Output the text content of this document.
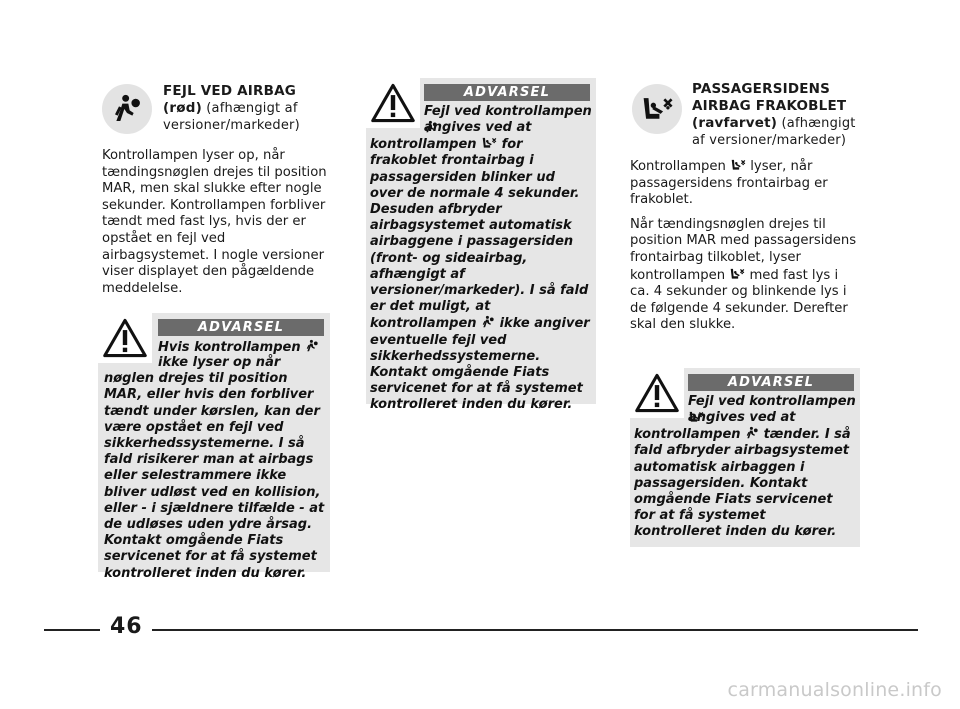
FEJL VED AIRBAG
(rød) (afhængigt af versioner/markeder)

Kontrollampen lyser op, når tændingsnøglen drejes til position MAR, men skal slukke efter nogle sekunder. Kontrollampen forbliver tændt med fast lys, hvis der er opstået en fejl ved airbagsystemet. I nogle versioner viser displayet den pågældende meddelelse.

ADVARSEL
Hvis kontrollampen
ikke lyser op når nøglen drejes til position MAR, eller hvis den forbliver tændt under kørslen, kan der være opstået en fejl ved sikkerhedssystemerne. I så fald risikerer man at airbags eller selestrammere ikke bliver udløst ved en kollision, eller - i sjældnere tilfælde - at de udløses uden ydre årsag. Kontakt omgående Fiats servicenet for at få systemet kontrolleret inden du kører.
ADVARSEL
Fejl ved kontrollampen
angives ved at kontrollampen  for frakoblet frontairbag i passagersiden blinker ud over de normale 4 sekunder. Desuden afbryder airbagsystemet automatisk airbaggene i passagersiden (front- og sideairbag, afhængigt af versioner/markeder). I så fald er det muligt, at kontrollampen  ikke angiver eventuelle fejl ved sikkerhedssystemerne. Kontakt omgående Fiats servicenet for at få systemet kontrolleret inden du kører.
PASSAGERSIDENS
AIRBAG FRAKOBLET
(ravfarvet) (afhængigt af versioner/markeder)

Kontrollampen  lyser, når passagersidens frontairbag er frakoblet.

Når tændingsnøglen drejes til position MAR med passagersidens frontairbag tilkoblet, lyser kontrollampen  med fast lys i ca. 4 sekunder og blinkende lys i de følgende 4 sekunder. Derefter skal den slukke.

ADVARSEL
Fejl ved kontrollampen
angives ved at kontrollampen  tænder. I så fald afbryder airbagsystemet automatisk airbaggen i passagersiden. Kontakt omgående Fiats servicenet for at få systemet kontrolleret inden du kører.
46
carmanualsonline.info
